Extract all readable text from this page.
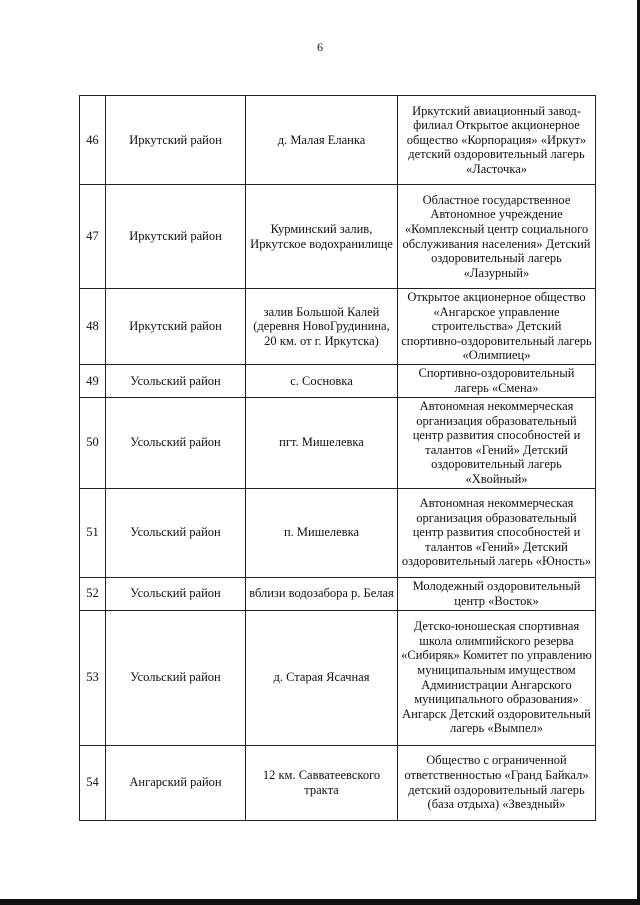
6
46	Иркутский район	д. Малая Еланка	Иркутский авиационный завод-филиал Открытое акционерное общество «Корпорация» «Иркут» детский оздоровительный лагерь «Ласточка»
47	Иркутский район	Курминский залив, Иркутское водохранилище	Областное государственное Автономное учреждение «Комплексный центр социального обслуживания населения» Детский оздоровительный лагерь «Лазурный»
48	Иркутский район	залив Большой Калей (деревня НовоГрудинина, 20 км. от г. Иркутска)	Открытое акционерное общество «Ангарское управление строительства» Детский спортивно-оздоровительный лагерь «Олимпиец»
49	Усольский район	с. Сосновка	Спортивно-оздоровительный лагерь «Смена»
50	Усольский район	пгт. Мишелевка	Автономная некоммерческая организация образовательный центр развития способностей и талантов «Гений» Детский оздоровительный лагерь «Хвойный»
51	Усольский район	п. Мишелевка	Автономная некоммерческая организация образовательный центр развития способностей и талантов «Гений» Детский оздоровительный лагерь «Юность»
52	Усольский район	вблизи водозабора р. Белая	Молодежный оздоровительный центр «Восток»
53	Усольский район	д. Старая Ясачная	Детско-юношеская спортивная школа олимпийского резерва «Сибиряк» Комитет по управлению муниципальным имуществом Администрации Ангарского муниципального образования» Ангарск Детский оздоровительный лагерь «Вымпел»
54	Ангарский район	12 км. Савватеевского тракта	Общество с ограниченной ответственностью «Гранд Байкал» детский оздоровительный лагерь (база отдыха) «Звездный»
